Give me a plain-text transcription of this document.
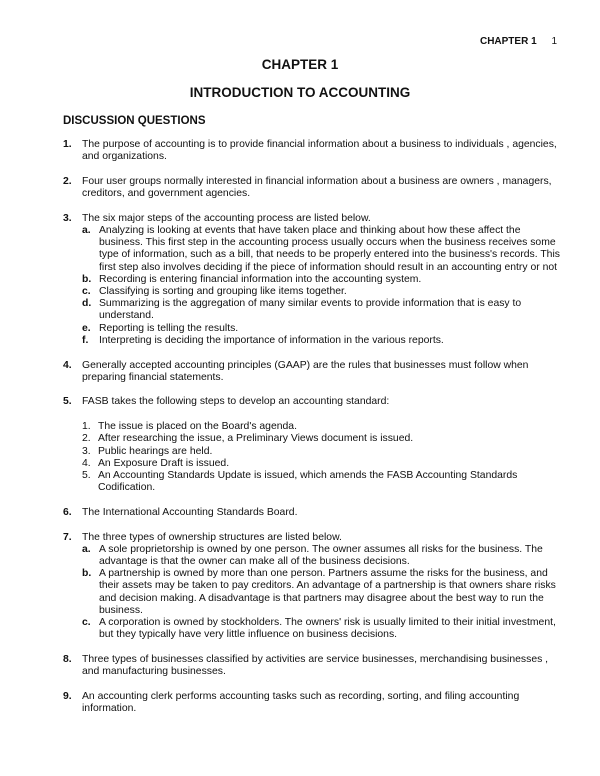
CHAPTER 1 1
CHAPTER 1
INTRODUCTION TO ACCOUNTING
DISCUSSION QUESTIONS
1. The purpose of accounting is to provide financial information about a business to individuals , agencies, and organizations.
2. Four user groups normally interested in financial information about a business are owners , managers, creditors, and government agencies.
3. The six major steps of the accounting process are listed below.
a. Analyzing is looking at events that have taken place and thinking about how these affect the business. This first step in the accounting process usually occurs when the business receives some type of information, such as a bill, that needs to be properly entered into the business's records. This first step also involves deciding if the piece of information should result in an accounting entry or not
b. Recording is entering financial information into the accounting system.
c. Classifying is sorting and grouping like items together.
d. Summarizing is the aggregation of many similar events to provide information that is easy to understand.
e. Reporting is telling the results.
f. Interpreting is deciding the importance of information in the various reports.
4. Generally accepted accounting principles (GAAP) are the rules that businesses must follow when preparing financial statements.
5. FASB takes the following steps to develop an accounting standard:
1. The issue is placed on the Board's agenda.
2. After researching the issue, a Preliminary Views document is issued.
3. Public hearings are held.
4. An Exposure Draft is issued.
5. An Accounting Standards Update is issued, which amends the FASB Accounting Standards Codification.
6. The International Accounting Standards Board.
7. The three types of ownership structures are listed below.
a. A sole proprietorship is owned by one person. The owner assumes all risks for the business. The advantage is that the owner can make all of the business decisions.
b. A partnership is owned by more than one person. Partners assume the risks for the business, and their assets may be taken to pay creditors. An advantage of a partnership is that owners share risks and decision making. A disadvantage is that partners may disagree about the best way to run the business.
c. A corporation is owned by stockholders. The owners' risk is usually limited to their initial investment, but they typically have very little influence on business decisions.
8. Three types of businesses classified by activities are service businesses, merchandising businesses , and manufacturing businesses.
9. An accounting clerk performs accounting tasks such as recording, sorting, and filing accounting information.
